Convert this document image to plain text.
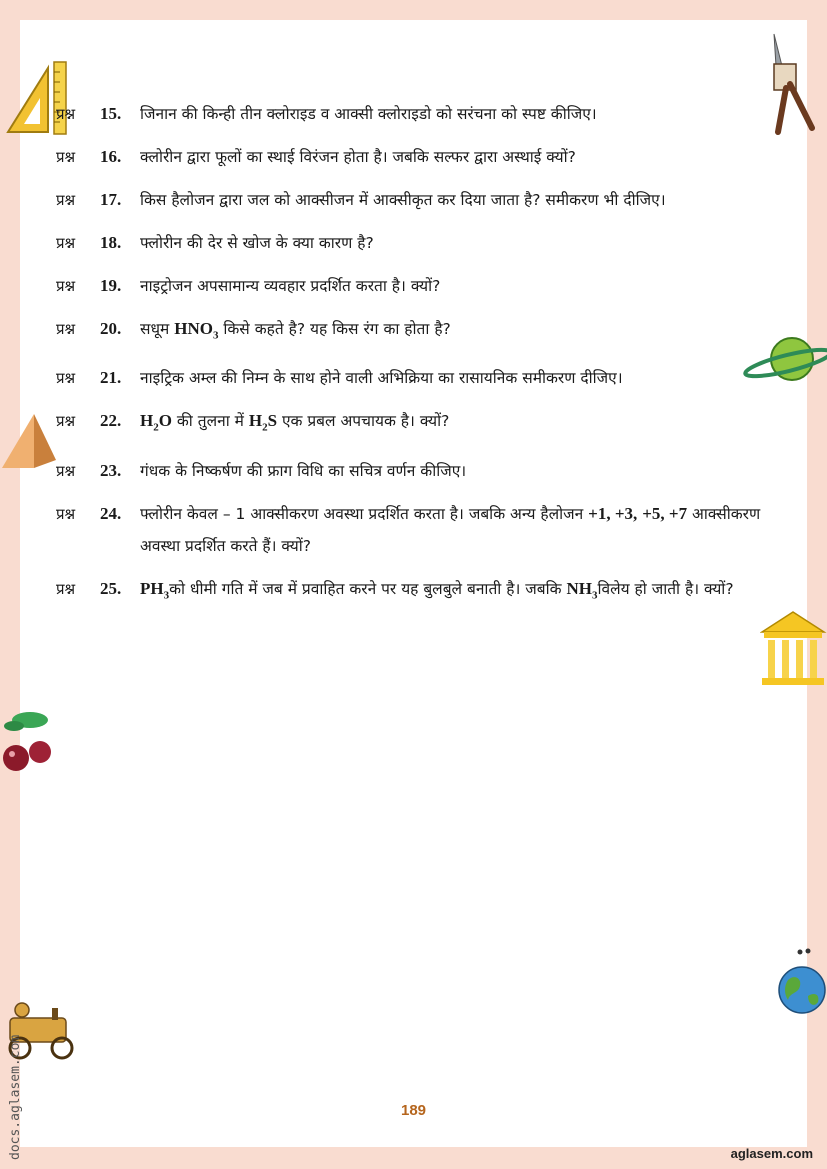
प्रश्न	15.	जिनान की किन्ही तीन क्लोराइड व आक्सी क्लोराइडो को सरंचना को स्पष्ट कीजिए।
प्रश्न	16.	क्लोरीन द्वारा फूलों का स्थाई विरंजन होता है। जबकि सल्फर द्वारा अस्थाई क्यों?
प्रश्न	17.	किस हैलोजन द्वारा जल को आक्सीजन में आक्सीकृत कर दिया जाता है? समीकरण भी दीजिए।
प्रश्न	18.	फ्लोरीन की देर से खोज के क्या कारण है?
प्रश्न	19.	नाइट्रोजन अपसामान्य व्यवहार प्रदर्शित करता है। क्यों?
प्रश्न	20.	सधूम $HNO_3$ किसे कहते है? यह किस रंग का होता है?
प्रश्न	21.	नाइट्रिक अम्ल की निम्न के साथ होने वाली अभिक्रिया का रासायनिक समीकरण दीजिए।
प्रश्न	22.	$H_2O$ की तुलना में $H_2S$ एक प्रबल अपचायक है। क्यों?
प्रश्न	23.	गंधक के निष्कर्षण की फ्राग विधि का सचित्र वर्णन कीजिए।
प्रश्न	24.	फ्लोरीन केवल – 1 आक्सीकरण अवस्था प्रदर्शित करता है। जबकि अन्य हैलोजन +1, +3, +5, +7 आक्सीकरण अवस्था प्रदर्शित करते हैं। क्यों?
प्रश्न	25.	$PH_3को$ धीमी गति में जब में प्रवाहित करने पर यह बुलबुले बनाती है। जबकि $NH_3विलेय$ हो जाती है। क्यों?
189
aglasem.com
docs.aglasem.com
